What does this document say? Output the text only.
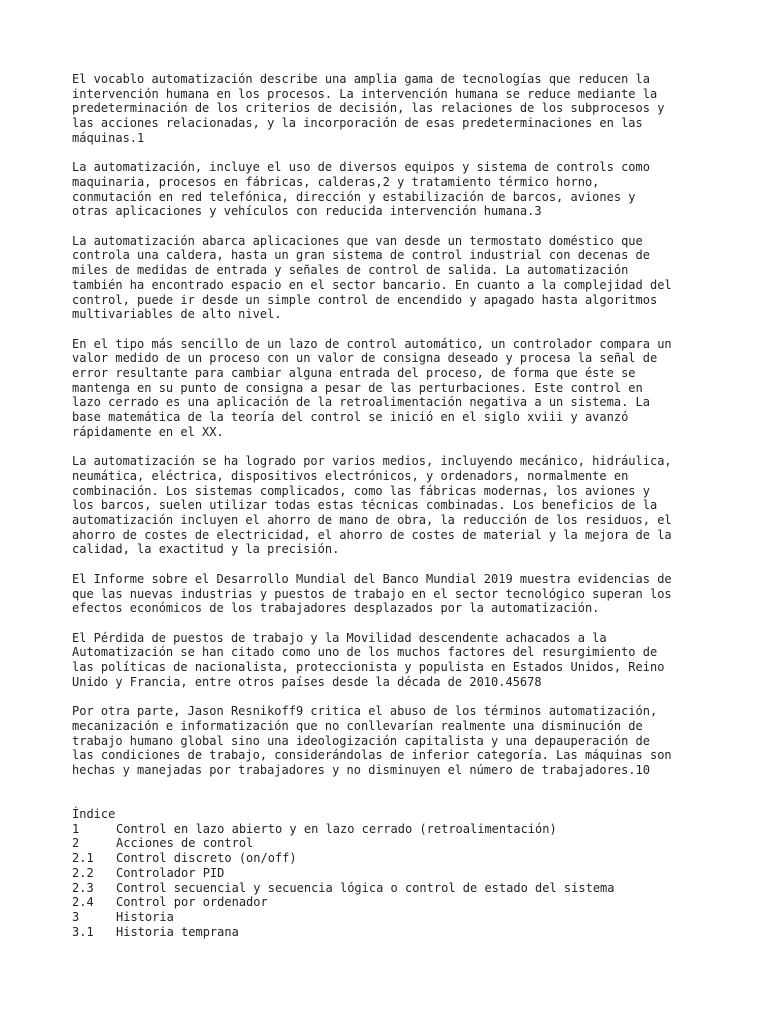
El vocablo automatización describe una amplia gama de tecnologías que reducen la
intervención humana en los procesos. La intervención humana se reduce mediante la
predeterminación de los criterios de decisión, las relaciones de los subprocesos y
las acciones relacionadas, y la incorporación de esas predeterminaciones en las
máquinas.1

La automatización, incluye el uso de diversos equipos y sistema de controls como
maquinaria, procesos en fábricas, calderas,2 y tratamiento térmico horno,
conmutación en red telefónica, dirección y estabilización de barcos, aviones y
otras aplicaciones y vehículos con reducida intervención humana.3

La automatización abarca aplicaciones que van desde un termostato doméstico que
controla una caldera, hasta un gran sistema de control industrial con decenas de
miles de medidas de entrada y señales de control de salida. La automatización
también ha encontrado espacio en el sector bancario. En cuanto a la complejidad del
control, puede ir desde un simple control de encendido y apagado hasta algoritmos
multivariables de alto nivel.

En el tipo más sencillo de un lazo de control automático, un controlador compara un
valor medido de un proceso con un valor de consigna deseado y procesa la señal de
error resultante para cambiar alguna entrada del proceso, de forma que éste se
mantenga en su punto de consigna a pesar de las perturbaciones. Este control en
lazo cerrado es una aplicación de la retroalimentación negativa a un sistema. La
base matemática de la teoría del control se inició en el siglo xviii y avanzó
rápidamente en el XX.

La automatización se ha logrado por varios medios, incluyendo mecánico, hidráulica,
neumática, eléctrica, dispositivos electrónicos, y ordenadors, normalmente en
combinación. Los sistemas complicados, como las fábricas modernas, los aviones y
los barcos, suelen utilizar todas estas técnicas combinadas. Los beneficios de la
automatización incluyen el ahorro de mano de obra, la reducción de los residuos, el
ahorro de costes de electricidad, el ahorro de costes de material y la mejora de la
calidad, la exactitud y la precisión.

El Informe sobre el Desarrollo Mundial del Banco Mundial 2019 muestra evidencias de
que las nuevas industrias y puestos de trabajo en el sector tecnológico superan los
efectos económicos de los trabajadores desplazados por la automatización.

El Pérdida de puestos de trabajo y la Movilidad descendente achacados a la
Automatización se han citado como uno de los muchos factores del resurgimiento de
las políticas de nacionalista, proteccionista y populista en Estados Unidos, Reino
Unido y Francia, entre otros países desde la década de 2010.45678

Por otra parte, Jason Resnikoff9 critica el abuso de los términos automatización,
mecanización e informatización que no conllevarían realmente una disminución de
trabajo humano global sino una ideologización capitalista y una depauperación de
las condiciones de trabajo, considerándolas de inferior categoría. Las máquinas son
hechas y manejadas por trabajadores y no disminuyen el número de trabajadores.10

Índice
1	Control en lazo abierto y en lazo cerrado (retroalimentación)
2	Acciones de control
2.1	Control discreto (on/off)
2.2	Controlador PID
2.3	Control secuencial y secuencia lógica o control de estado del sistema
2.4	Control por ordenador
3	Historia
3.1	Historia temprana
